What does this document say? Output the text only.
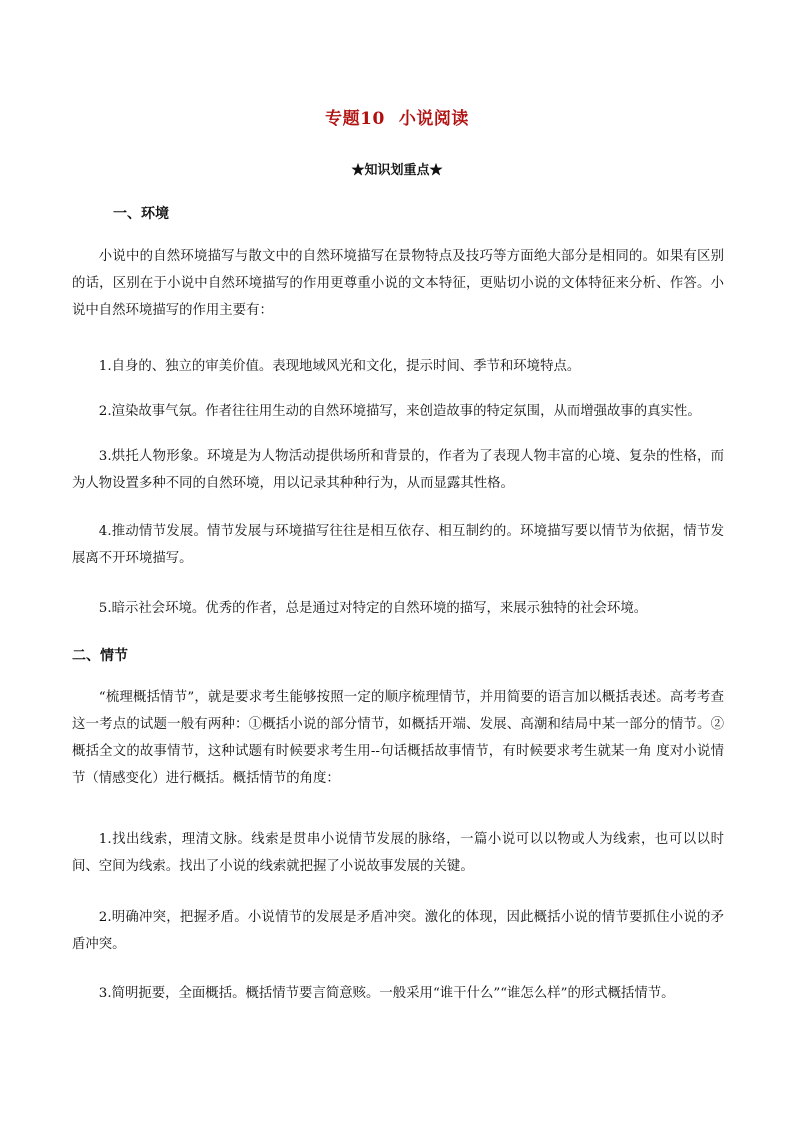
专题10 小说阅读
★知识划重点★
一、环境
小说中的自然环境描写与散文中的自然环境描写在景物特点及技巧等方面绝大部分是相同的。如果有区别的话，区别在于小说中自然环境描写的作用更尊重小说的文本特征，更贴切小说的文体特征来分析、作答。小说中自然环境描写的作用主要有：
1.自身的、独立的审美价值。表现地域风光和文化，提示时间、季节和环境特点。
2.渲染故事气氛。作者往往用生动的自然环境描写，来创造故事的特定氛围，从而增强故事的真实性。
3.烘托人物形象。环境是为人物活动提供场所和背景的，作者为了表现人物丰富的心境、复杂的性格，而为人物设置多种不同的自然环境，用以记录其种种行为，从而显露其性格。
4.推动情节发展。情节发展与环境描写往往是相互依存、相互制约的。环境描写要以情节为依据，情节发展离不开环境描写。
5.暗示社会环境。优秀的作者，总是通过对特定的自然环境的描写，来展示独特的社会环境。
二、情节
“梳理概括情节”，就是要求考生能够按照一定的顺序梳理情节，并用简要的语言加以概括表述。高考考查这一考点的试题一般有两种：①概括小说的部分情节，如概括开端、发展、高潮和结局中某一部分的情节。②概括全文的故事情节，这种试题有时候要求考生用--句话概括故事情节，有时候要求考生就某一角 度对小说情节（情感变化）进行概括。概括情节的角度：
1.找出线索，理清文脉。线索是贯串小说情节发展的脉络，一篇小说可以以物或人为线索，也可以以时间、空间为线索。找出了小说的线索就把握了小说故事发展的关键。
2.明确冲突，把握矛盾。小说情节的发展是矛盾冲突。激化的体现，因此概括小说的情节要抓住小说的矛盾冲突。
3.简明扼要，全面概括。概括情节要言简意赅。一般采用“谁干什么”“谁怎么样”的形式概括情节。
